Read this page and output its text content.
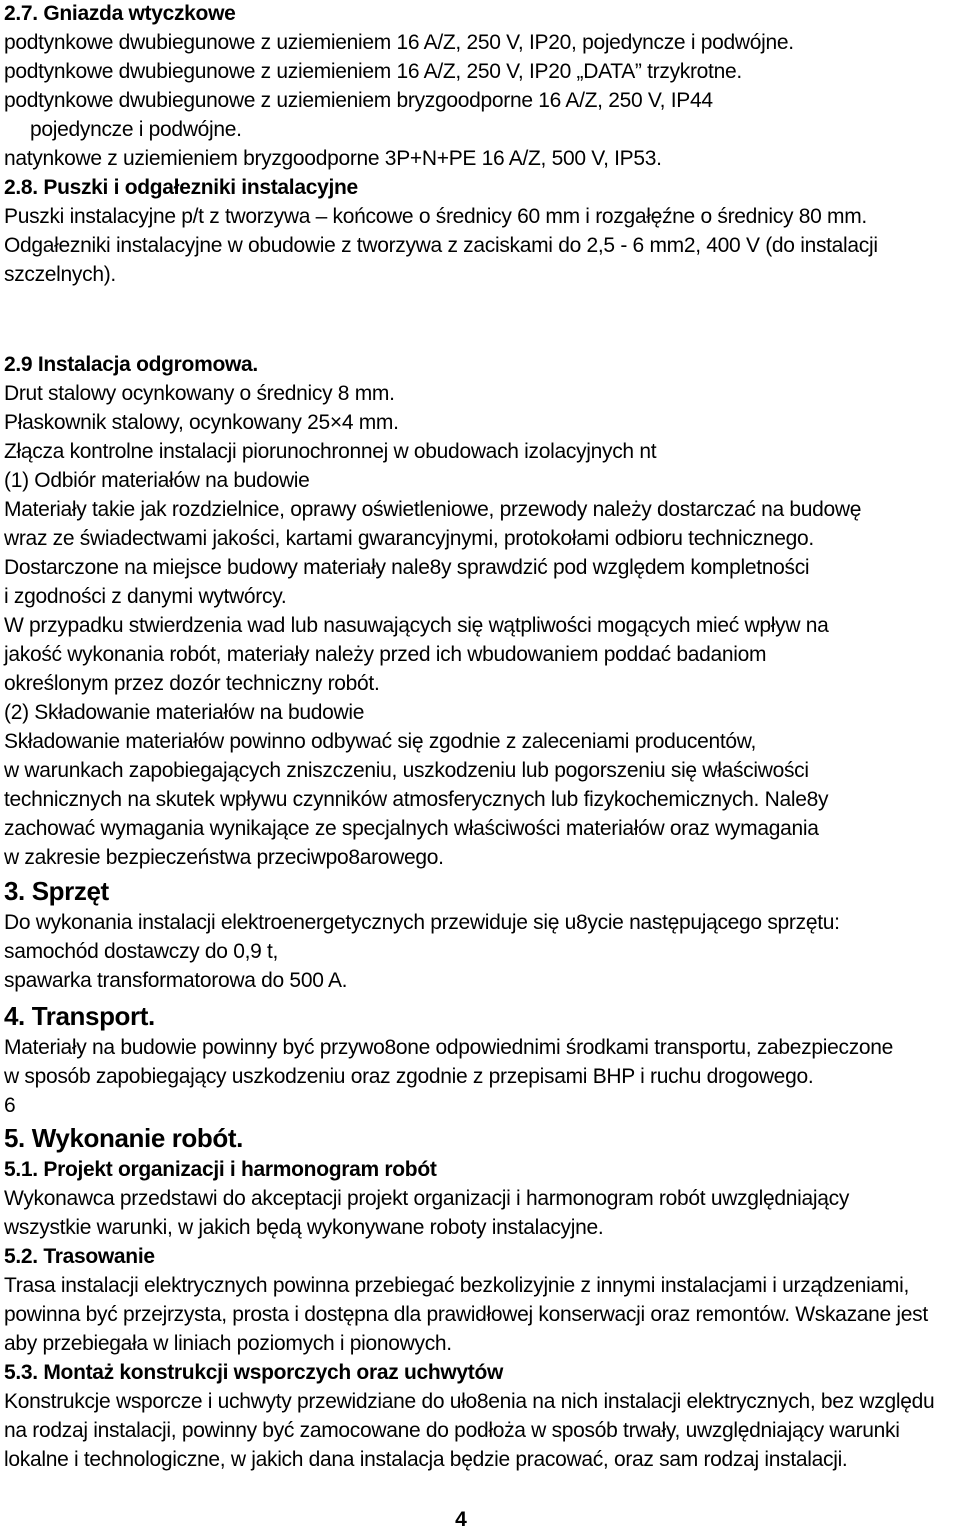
2.7. Gniazda wtyczkowe
podtynkowe dwubiegunowe z uziemieniem 16 A/Z, 250 V, IP20, pojedyncze i podwójne.
podtynkowe dwubiegunowe z uziemieniem 16 A/Z, 250 V, IP20 „DATA” trzykrotne.
podtynkowe dwubiegunowe z uziemieniem bryzgoodporne 16 A/Z, 250 V, IP44
pojedyncze i podwójne.
natynkowe z uziemieniem bryzgoodporne 3P+N+PE 16 A/Z, 500 V, IP53.
2.8. Puszki i odgałezniki instalacyjne
Puszki instalacyjne p/t z tworzywa – końcowe o średnicy 60 mm i rozgałęźne o średnicy 80 mm.
Odgałezniki instalacyjne w obudowie z tworzywa z zaciskami do 2,5 - 6 mm2, 400 V (do instalacji
szczelnych).
2.9 Instalacja odgromowa.
Drut stalowy ocynkowany o średnicy 8 mm.
Płaskownik stalowy, ocynkowany 25×4 mm.
Złącza kontrolne instalacji piorunochronnej w obudowach izolacyjnych nt
(1) Odbiór materiałów na budowie
Materiały takie jak rozdzielnice, oprawy oświetleniowe, przewody należy dostarczać na budowę
wraz ze świadectwami jakości, kartami gwarancyjnymi, protokołami odbioru technicznego.
Dostarczone na miejsce budowy materiały nale8y sprawdzić pod względem kompletności
i zgodności z danymi wytwórcy.
W przypadku stwierdzenia wad lub nasuwających się wątpliwości mogących mieć wpływ na
jakość wykonania robót, materiały należy przed ich wbudowaniem poddać badaniom
określonym przez dozór techniczny robót.
(2) Składowanie materiałów na budowie
Składowanie materiałów powinno odbywać się zgodnie z zaleceniami producentów,
w warunkach zapobiegających zniszczeniu, uszkodzeniu lub pogorszeniu się właściwości
technicznych na skutek wpływu czynników atmosferycznych lub fizykochemicznych. Nale8y
zachować wymagania wynikające ze specjalnych właściwości materiałów oraz wymagania
w zakresie bezpieczeństwa przeciwpo8arowego.
3. Sprzęt
Do wykonania instalacji elektroenergetycznych przewiduje się u8ycie następującego sprzętu:
samochód dostawczy do 0,9 t,
spawarka transformatorowa do 500 A.
4. Transport.
Materiały na budowie powinny być przywo8one odpowiednimi środkami transportu, zabezpieczone
w sposób zapobiegający uszkodzeniu oraz zgodnie z przepisami BHP i ruchu drogowego.
6
5. Wykonanie robót.
5.1. Projekt organizacji i harmonogram robót
Wykonawca przedstawi do akceptacji projekt organizacji i harmonogram robót uwzględniający
wszystkie warunki, w jakich będą wykonywane roboty instalacyjne.
5.2. Trasowanie
Trasa instalacji elektrycznych powinna przebiegać bezkolizyjnie z innymi instalacjami i urządzeniami,
powinna być przejrzysta, prosta i dostępna dla prawidłowej konserwacji oraz remontów. Wskazane jest
aby przebiegała w liniach poziomych i pionowych.
5.3. Montaż konstrukcji wsporczych oraz uchwytów
Konstrukcje wsporcze i uchwyty przewidziane do uło8enia na nich instalacji elektrycznych, bez względu
na rodzaj instalacji, powinny być zamocowane do podłoża w sposób trwały, uwzględniający warunki
lokalne i technologiczne, w jakich dana instalacja będzie pracować, oraz sam rodzaj instalacji.
4
